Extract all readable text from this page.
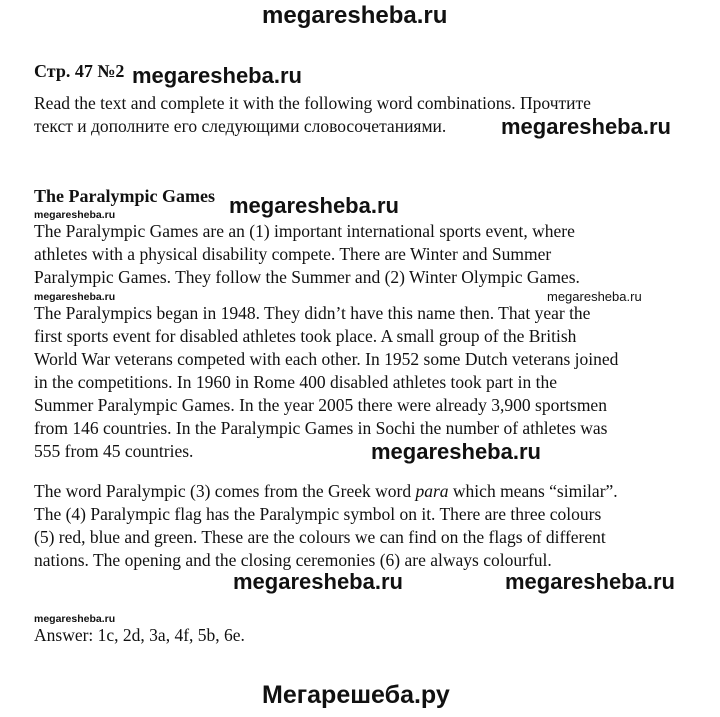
megaresheba.ru
Стр. 47 №2 megaresheba.ru
Read the text and complete it with the following word combinations. Прочтите
текст и дополните его следующими словосочетаниями. megaresheba.ru
The Paralympic Games megaresheba.ru
megaresheba.ru
The Paralympic Games are an (1) important international sports event, where
athletes with a physical disability compete. There are Winter and Summer
Paralympic Games. They follow the Summer and (2) Winter Olympic Games.
megaresheba.ru	megaresheba.ru
The Paralympics began in 1948. They didn’t have this name then. That year the
first sports event for disabled athletes took place. A small group of the British
World War veterans competed with each other. In 1952 some Dutch veterans joined
in the competitions. In 1960 in Rome 400 disabled athletes took part in the
Summer Paralympic Games. In the year 2005 there were already 3,900 sportsmen
from 146 countries. In the Paralympic Games in Sochi the number of athletes was
555 from 45 countries.	megaresheba.ru
The word Paralympic (3) comes from the Greek word para which means “similar”.
The (4) Paralympic flag has the Paralympic symbol on it. There are three colours
(5) red, blue and green. These are the colours we can find on the flags of different
nations. The opening and the closing ceremonies (6) are always colourful.
megaresheba.ru	megaresheba.ru
megaresheba.ru
Answer: 1c, 2d, 3a, 4f, 5b, 6e.
Мегарешеба.ру
